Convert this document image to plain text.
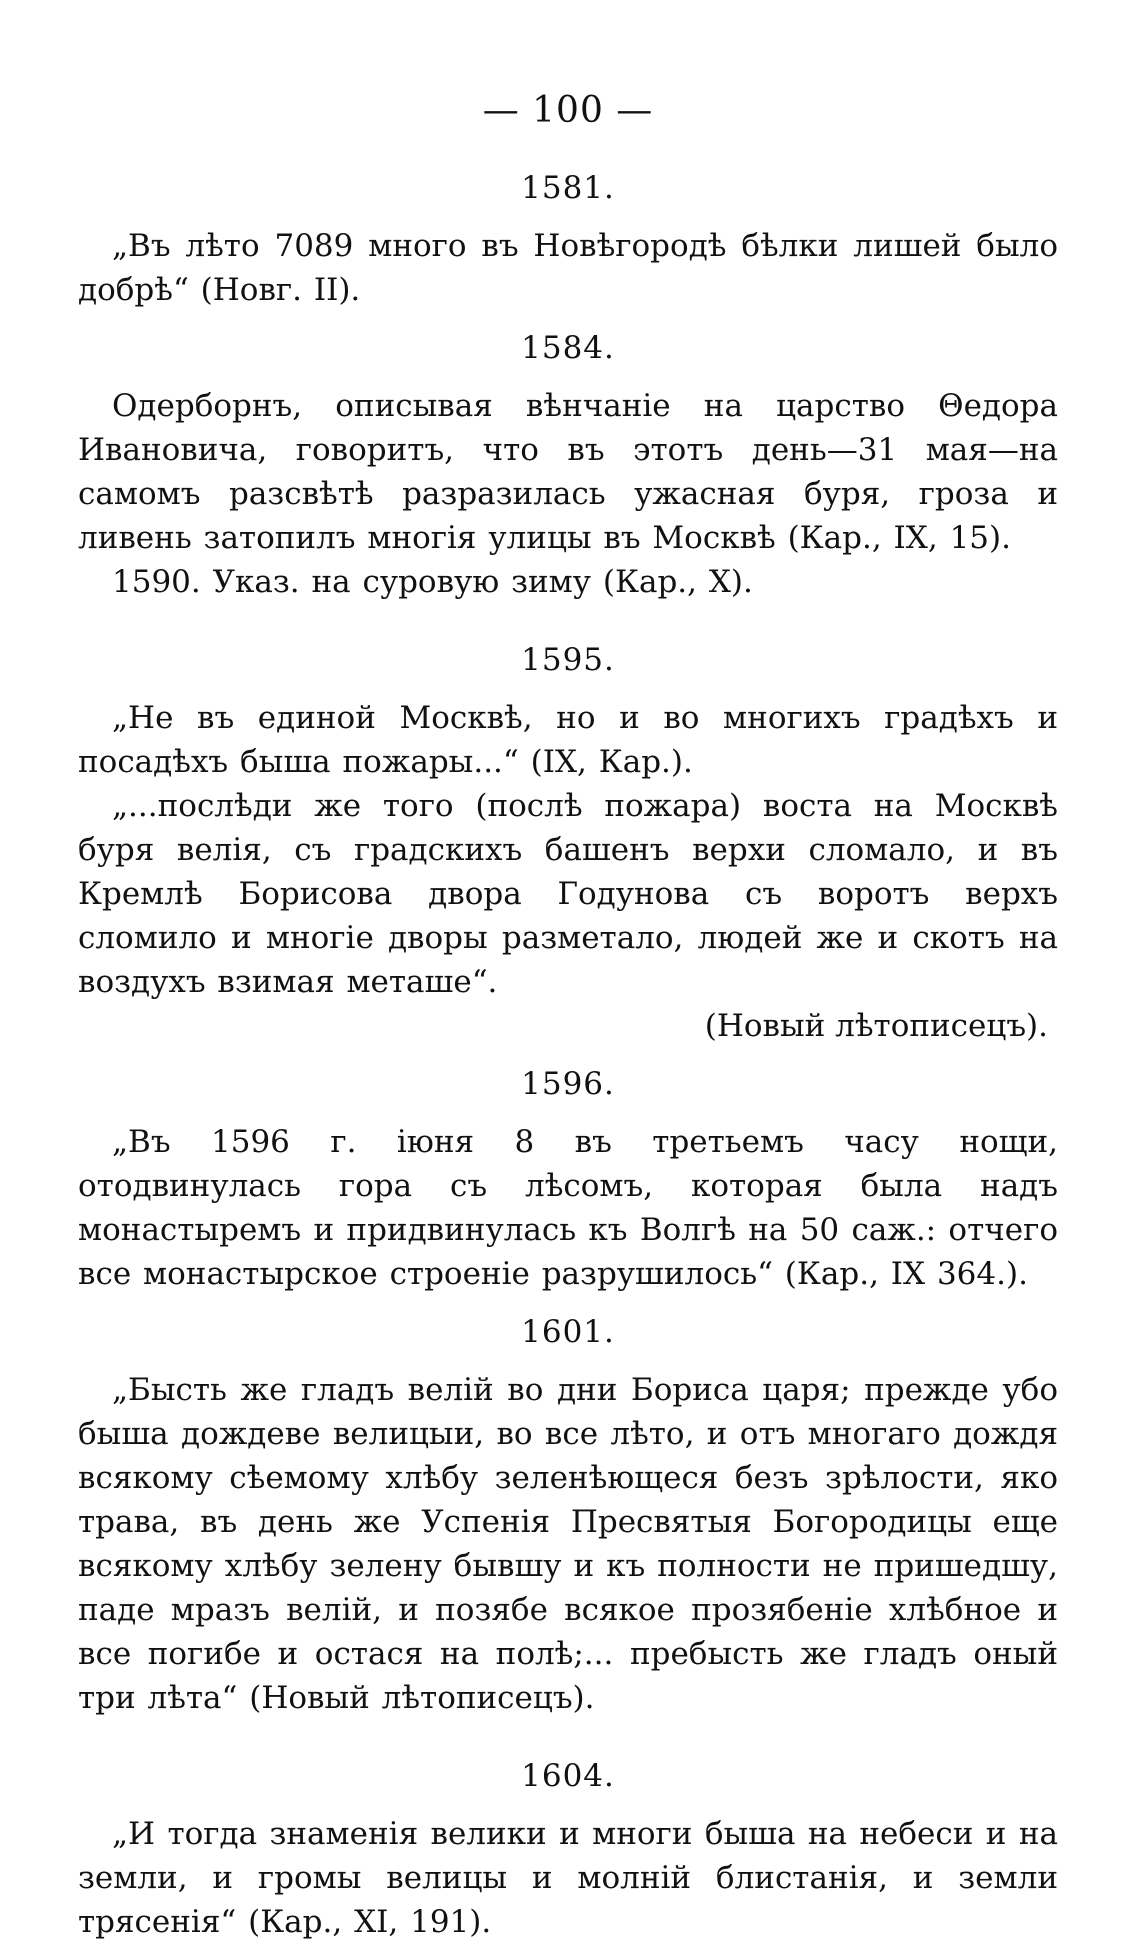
— 100 —
1581.

„Въ лѣто 7089 много въ Новѣгородѣ бѣлки лишей было добрѣ“ (Новг. II).

1584.

Одерборнъ, описывая вѣнчаніе на царство Θедора Ивановича, говоритъ, что въ этотъ день—31 мая—на самомъ разсвѣтѣ разразилась ужасная буря, гроза и ливень затопилъ многія улицы въ Москвѣ (Кар., IX, 15).

1590. Указ. на суровую зиму (Кар., X).

1595.

„Не въ единой Москвѣ, но и во многихъ градѣхъ и посадѣхъ быша пожары...“ (IX, Кар.).

„...послѣди же того (послѣ пожара) воста на Москвѣ буря велія, съ градскихъ башенъ верхи сломало, и въ Кремлѣ Борисова двора Годунова съ воротъ верхъ сломило и многіе дворы разметало, людей же и скотъ на воздухъ взимая меташе“.

(Новый лѣтописецъ).
1596.

„Въ 1596 г. іюня 8 въ третьемъ часу нощи, отодвинулась гора съ лѣсомъ, которая была надъ монастыремъ и придвинулась къ Волгѣ на 50 саж.: отчего все монастырское строеніе разрушилось“ (Кар., IX 364.).

1601.

„Бысть же гладъ велій во дни Бориса царя; прежде убо быша дождеве велицыи, во все лѣто, и отъ многаго дождя всякому сѣемому хлѣбу зеленѣющеся безъ зрѣлости, яко трава, въ день же Успенія Пресвятыя Богородицы еще всякому хлѣбу зелену бывшу и къ полности не пришедшу, паде мразъ велій, и позябе всякое прозябеніе хлѣбное и все погибе и остася на полѣ;... пребысть же гладъ оный три лѣта“ (Новый лѣтописецъ).

1604.

„И тогда знаменія велики и многи быша на небеси и на земли, и громы велицы и молній блистанія, и земли трясенія“ (Кар., XI, 191).
